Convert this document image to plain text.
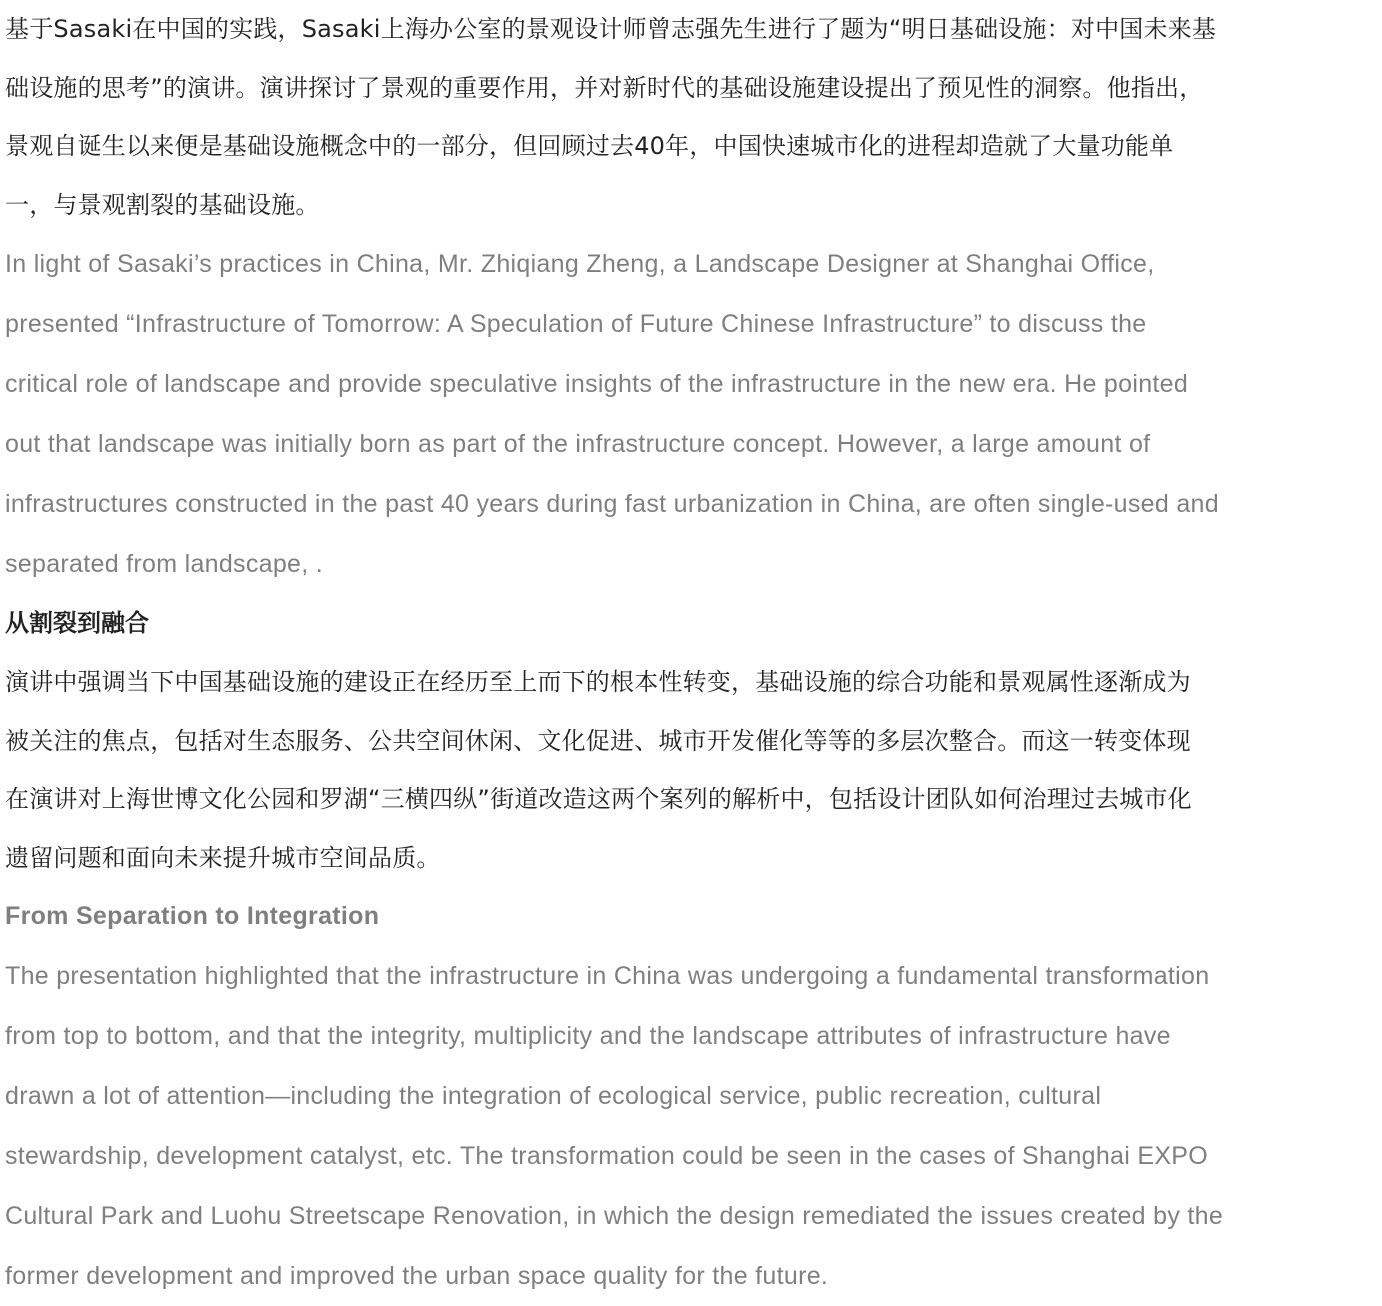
基于Sasaki在中国的实践，Sasaki上海办公室的景观设计师曾志强先生进行了题为“明日基础设施：对中国未来基
础设施的思考”的演讲。演讲探讨了景观的重要作用，并对新时代的基础设施建设提出了预见性的洞察。他指出，
景观自诞生以来便是基础设施概念中的一部分，但回顾过去40年，中国快速城市化的进程却造就了大量功能单
一，与景观割裂的基础设施。

In light of Sasaki’s practices in China, Mr. Zhiqiang Zheng, a Landscape Designer at Shanghai Office,
presented “Infrastructure of Tomorrow: A Speculation of Future Chinese Infrastructure” to discuss the
critical role of landscape and provide speculative insights of the infrastructure in the new era. He pointed
out that landscape was initially born as part of the infrastructure concept. However, a large amount of
infrastructures constructed in the past 40 years during fast urbanization in China, are often single-used and
separated from landscape, .

从割裂到融合

演讲中强调当下中国基础设施的建设正在经历至上而下的根本性转变，基础设施的综合功能和景观属性逐渐成为
被关注的焦点，包括对生态服务、公共空间休闲、文化促进、城市开发催化等等的多层次整合。而这一转变体现
在演讲对上海世博文化公园和罗湖“三横四纵”街道改造这两个案列的解析中，包括设计团队如何治理过去城市化
遗留问题和面向未来提升城市空间品质。

From Separation to Integration

The presentation highlighted that the infrastructure in China was undergoing a fundamental transformation
from top to bottom, and that the integrity, multiplicity and the landscape attributes of infrastructure have
drawn a lot of attention—including the integration of ecological service, public recreation, cultural
stewardship, development catalyst, etc. The transformation could be seen in the cases of Shanghai EXPO
Cultural Park and Luohu Streetscape Renovation, in which the design remediated the issues created by the
former development and improved the urban space quality for the future.
